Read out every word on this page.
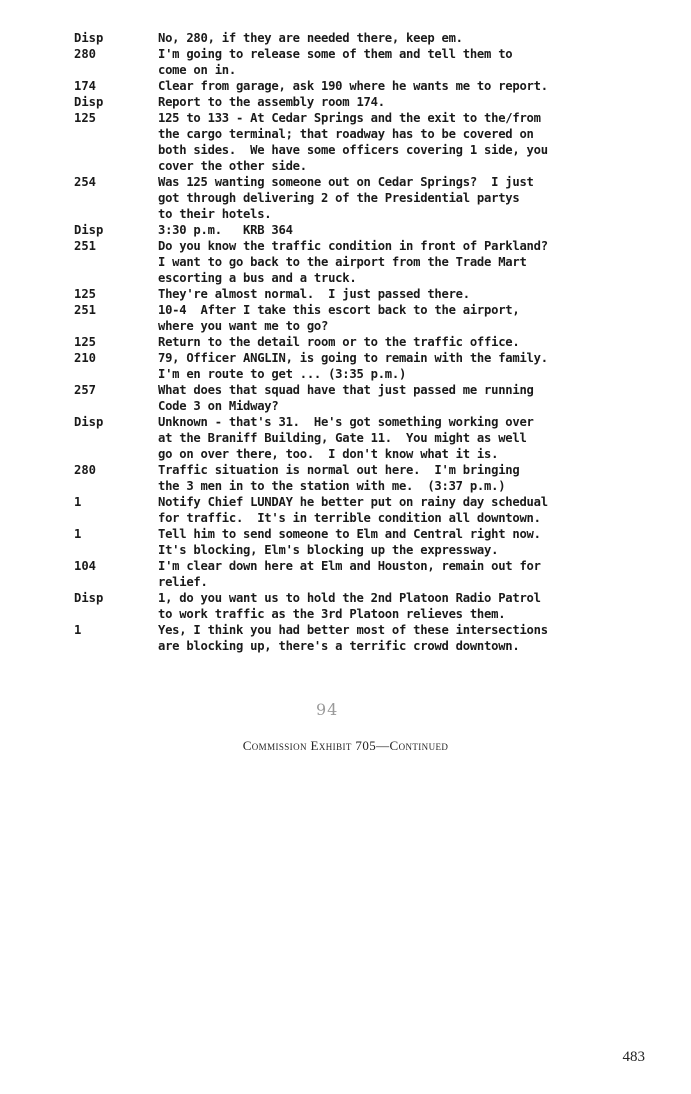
Disp	No, 280, if they are needed there, keep em.
280	I'm going to release some of them and tell them to
come on in.
174	Clear from garage, ask 190 where he wants me to report.
Disp	Report to the assembly room 174.
125	125 to 133 - At Cedar Springs and the exit to the/from
the cargo terminal; that roadway has to be covered on
both sides.  We have some officers covering 1 side, you
cover the other side.
254	Was 125 wanting someone out on Cedar Springs?  I just
got through delivering 2 of the Presidential partys
to their hotels.
Disp	3:30 p.m.   KRB 364
251	Do you know the traffic condition in front of Parkland?
I want to go back to the airport from the Trade Mart
escorting a bus and a truck.
125	They're almost normal.  I just passed there.
251	10-4  After I take this escort back to the airport,
where you want me to go?
125	Return to the detail room or to the traffic office.
210	79, Officer ANGLIN, is going to remain with the family.
I'm en route to get ... (3:35 p.m.)
257	What does that squad have that just passed me running
Code 3 on Midway?
Disp	Unknown - that's 31.  He's got something working over
at the Braniff Building, Gate 11.  You might as well
go on over there, too.  I don't know what it is.
280	Traffic situation is normal out here.  I'm bringing
the 3 men in to the station with me.  (3:37 p.m.)
1	Notify Chief LUNDAY he better put on rainy day schedual
for traffic.  It's in terrible condition all downtown.
1	Tell him to send someone to Elm and Central right now.
It's blocking, Elm's blocking up the expressway.
104	I'm clear down here at Elm and Houston, remain out for
relief.
Disp	1, do you want us to hold the 2nd Platoon Radio Patrol
to work traffic as the 3rd Platoon relieves them.
1	Yes, I think you had better most of these intersections
are blocking up, there's a terrific crowd downtown.
94
Commission Exhibit 705—Continued
483
